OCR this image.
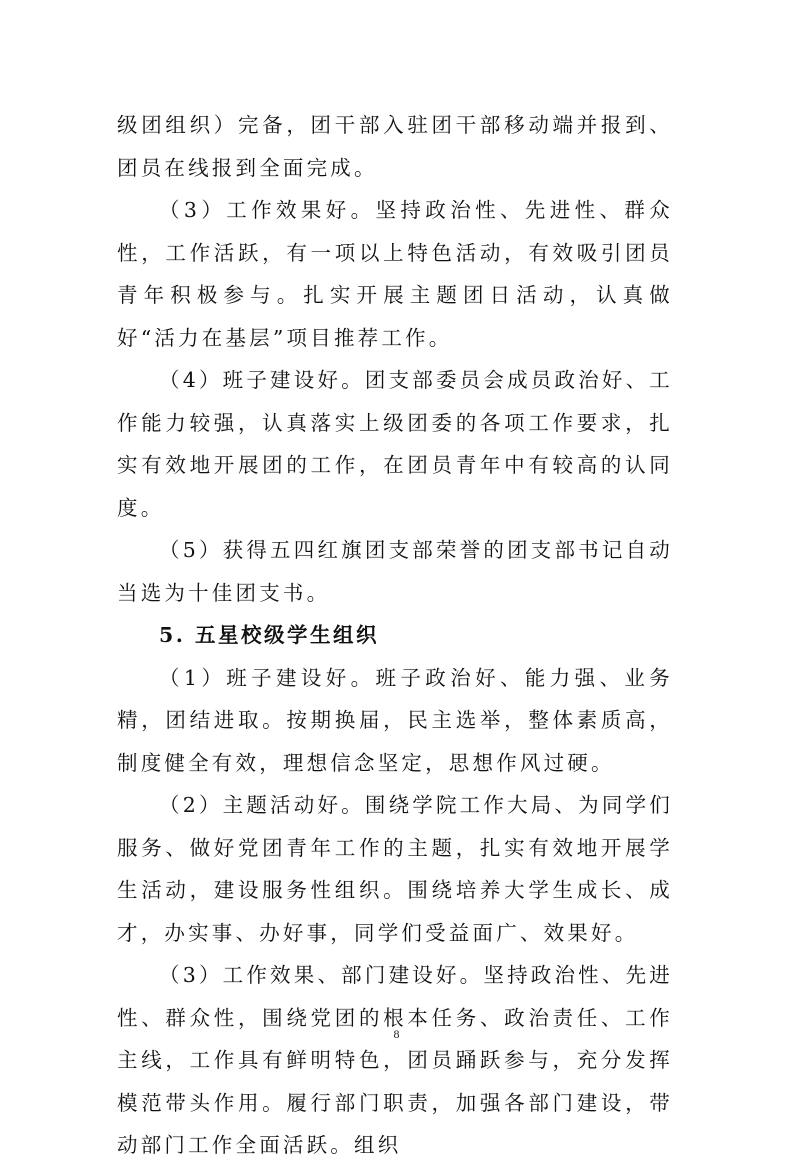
级团组织）完备，团干部入驻团干部移动端并报到、团员在线报到全面完成。

（3）工作效果好。坚持政治性、先进性、群众性，工作活跃，有一项以上特色活动，有效吸引团员青年积极参与。扎实开展主题团日活动，认真做好“活力在基层”项目推荐工作。

（4）班子建设好。团支部委员会成员政治好、工作能力较强，认真落实上级团委的各项工作要求，扎实有效地开展团的工作，在团员青年中有较高的认同度。

（5）获得五四红旗团支部荣誉的团支部书记自动当选为十佳团支书。

5. 五星校级学生组织

（1）班子建设好。班子政治好、能力强、业务精，团结进取。按期换届，民主选举，整体素质高，制度健全有效，理想信念坚定，思想作风过硬。

（2）主题活动好。围绕学院工作大局、为同学们服务、做好党团青年工作的主题，扎实有效地开展学生活动，建设服务性组织。围绕培养大学生成长、成才，办实事、办好事，同学们受益面广、效果好。

（3）工作效果、部门建设好。坚持政治性、先进性、群众性，围绕党团的根本任务、政治责任、工作主线，工作具有鲜明特色，团员踊跃参与，充分发挥模范带头作用。履行部门职责，加强各部门建设，带动部门工作全面活跃。组织

8
